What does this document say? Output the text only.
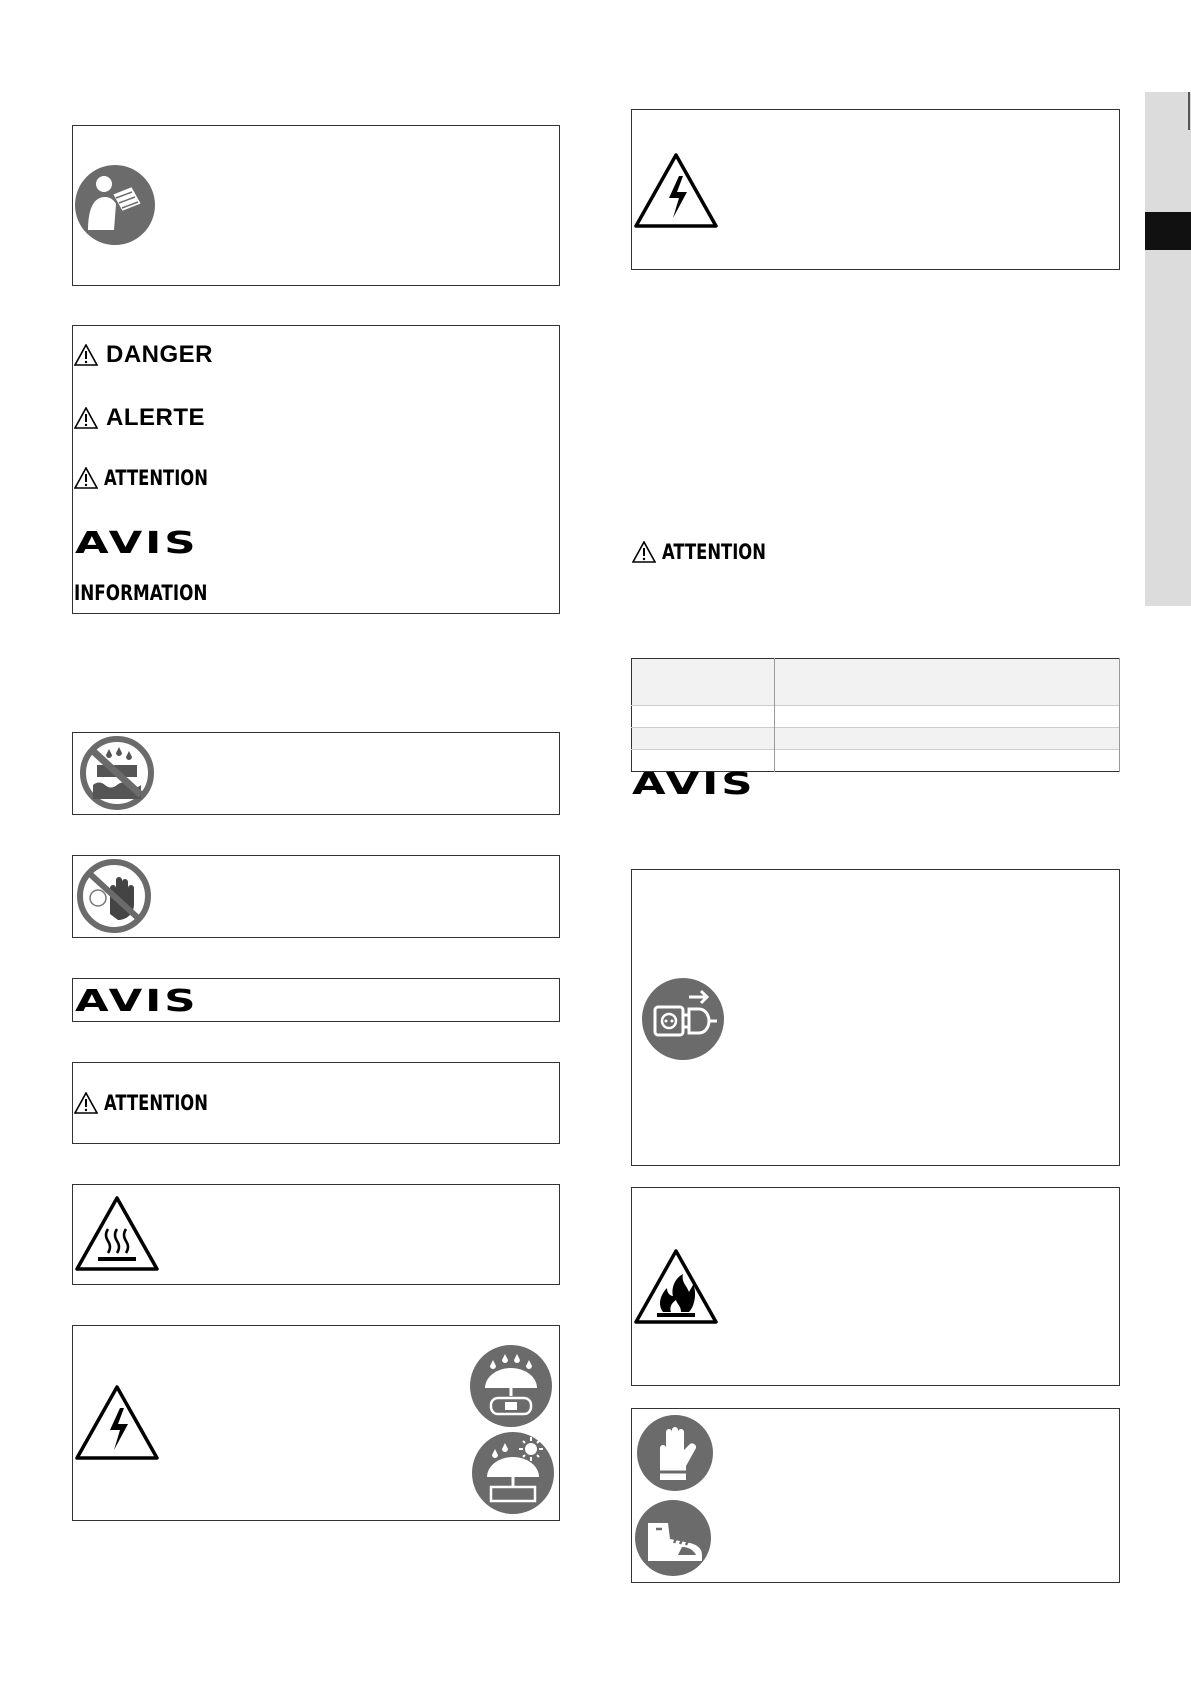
DANGER
ALERTE
ATTENTION
AVIS
INFORMATION
AVIS
ATTENTION
ATTENTION

AVIS
